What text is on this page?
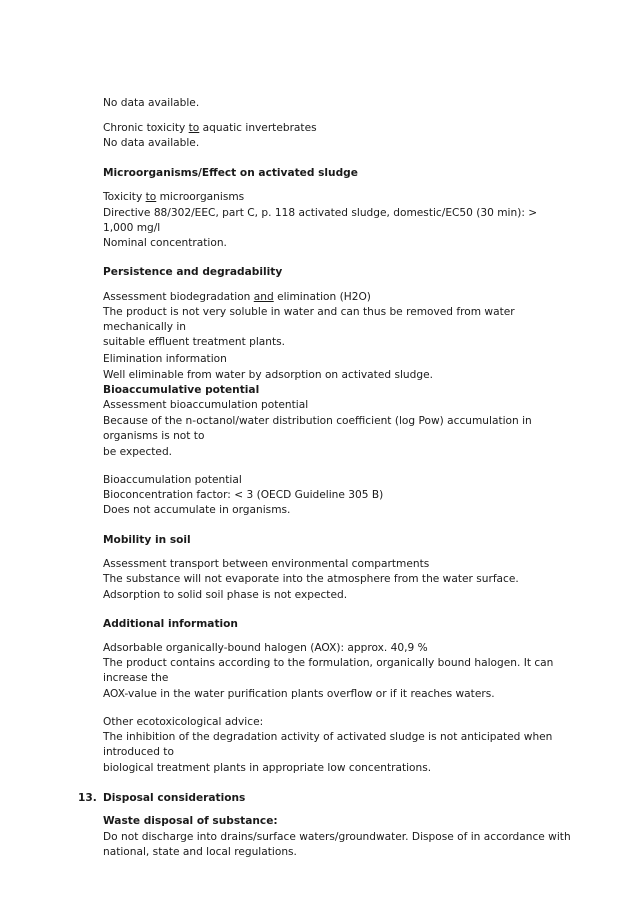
No data available.
Chronic toxicity to aquatic invertebrates
No data available.
Microorganisms/Effect on activated sludge
Toxicity to microorganisms
Directive 88/302/EEC, part C, p. 118 activated sludge, domestic/EC50 (30 min): >
1,000 mg/l
Nominal concentration.
Persistence and degradability
Assessment biodegradation and elimination (H2O)
The product is not very soluble in water and can thus be removed from water
mechanically in
suitable effluent treatment plants.
Elimination information
Well eliminable from water by adsorption on activated sludge.
Bioaccumulative potential
Assessment bioaccumulation potential
Because of the n-octanol/water distribution coefficient (log Pow) accumulation in
organisms is not to
be expected.
Bioaccumulation potential
Bioconcentration factor: < 3 (OECD Guideline 305 B)
Does not accumulate in organisms.
Mobility in soil
Assessment transport between environmental compartments
The substance will not evaporate into the atmosphere from the water surface.
Adsorption to solid soil phase is not expected.
Additional information
Adsorbable organically-bound halogen (AOX): approx. 40,9 %
The product contains according to the formulation, organically bound halogen. It can
increase the
AOX-value in the water purification plants overflow or if it reaches waters.
Other ecotoxicological advice:
The inhibition of the degradation activity of activated sludge is not anticipated when
introduced to
biological treatment plants in appropriate low concentrations.
13. Disposal considerations
Waste disposal of substance:
Do not discharge into drains/surface waters/groundwater. Dispose of in accordance with
national, state and local regulations.
